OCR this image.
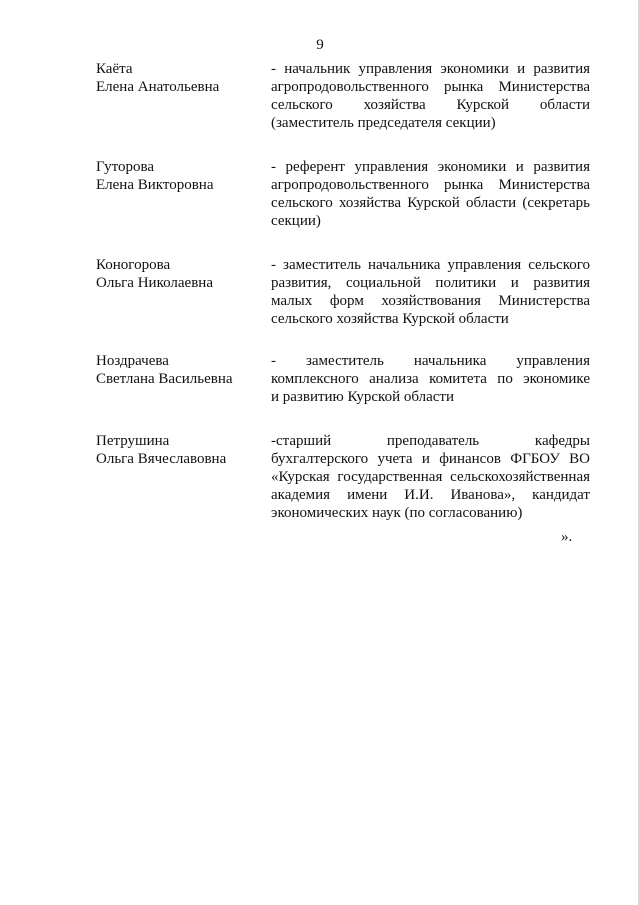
9
Каёта
Елена Анатольевна
- начальник управления экономики и развития
агропродовольственного рынка Министерства
сельского хозяйства Курской области
(заместитель председателя секции)
Гуторова
Елена Викторовна
- референт управления экономики и развития
агропродовольственного рынка Министерства
сельского хозяйства Курской области (секретарь
секции)
Коногорова
Ольга Николаевна
- заместитель начальника управления сельского
развития, социальной политики и развития
малых форм хозяйствования Министерства
сельского хозяйства Курской области
Ноздрачева
Светлана Васильевна
- заместитель начальника управления
комплексного анализа комитета по экономике
и развитию Курской области
Петрушина
Ольга Вячеславовна
-старший преподаватель кафедры
бухгалтерского учета и финансов ФГБОУ ВО
«Курская государственная сельскохозяйственная
академия имени И.И. Иванова», кандидат
экономических наук (по согласованию)
».
